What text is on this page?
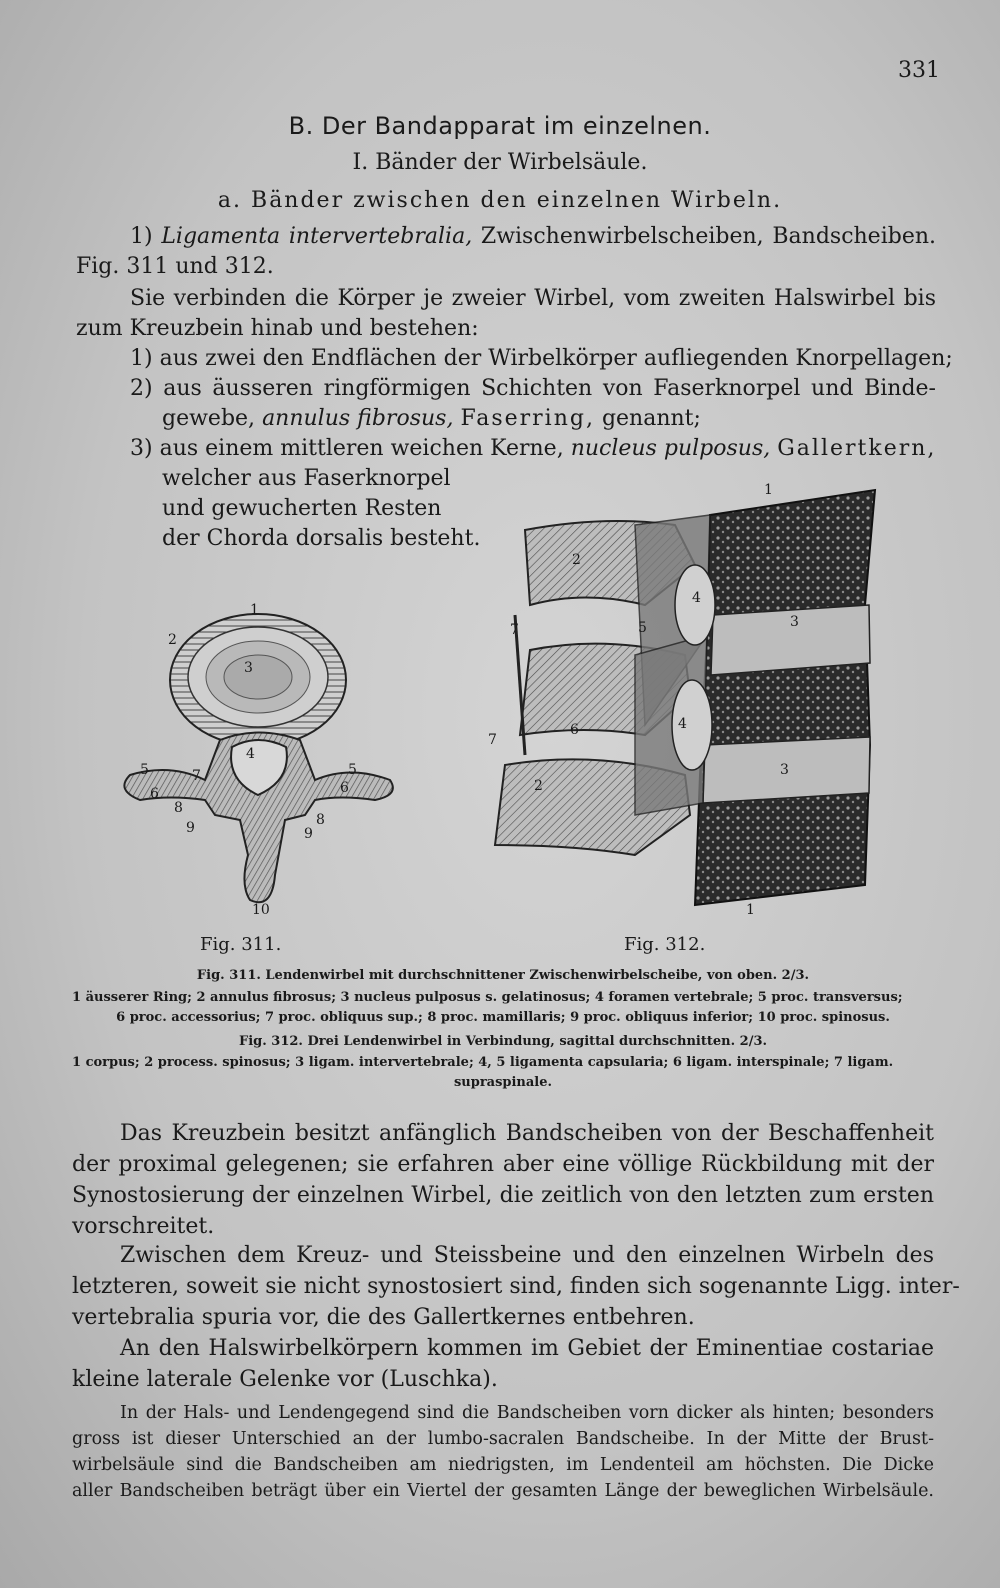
331
B. Der Bandapparat im einzelnen.
I. Bänder der Wirbelsäule.
a. Bänder zwischen den einzelnen Wirbeln.
1) Ligamenta intervertebralia, Zwischenwirbelscheiben, Bandscheiben.
Fig. 311 und 312.
Sie verbinden die Körper je zweier Wirbel, vom zweiten Halswirbel bis
zum Kreuzbein hinab und bestehen:
1) aus zwei den Endflächen der Wirbelkörper aufliegenden Knorpellagen;
2) aus äusseren ringförmigen Schichten von Faserknorpel und Binde-
gewebe, annulus fibrosus, Faserring, genannt;
3) aus einem mittleren weichen Kerne, nucleus pulposus, Gallertkern,
welcher aus Faserknorpel
und gewucherten Resten
der Chorda dorsalis besteht.
1
2
3
4
5	5
6	6
7
8
8
9	9
10
Fig. 311.
1
1
2
2
3
3
4
4
5
6
7
7
Fig. 312.
Fig. 311. Lendenwirbel mit durchschnittener Zwischenwirbelscheibe, von oben. 2/3.
1 äusserer Ring; 2 annulus fibrosus; 3 nucleus pulposus s. gelatinosus; 4 foramen vertebrale; 5 proc. transversus;
6 proc. accessorius; 7 proc. obliquus sup.; 8 proc. mamillaris; 9 proc. obliquus inferior; 10 proc. spinosus.
Fig. 312. Drei Lendenwirbel in Verbindung, sagittal durchschnitten. 2/3.
1 corpus; 2 process. spinosus; 3 ligam. intervertebrale; 4, 5 ligamenta capsularia; 6 ligam. interspinale; 7 ligam.
supraspinale.
Das Kreuzbein besitzt anfänglich Bandscheiben von der Beschaffenheit
der proximal gelegenen; sie erfahren aber eine völlige Rückbildung mit der
Synostosierung der einzelnen Wirbel, die zeitlich von den letzten zum ersten
vorschreitet.
Zwischen dem Kreuz- und Steissbeine und den einzelnen Wirbeln des
letzteren, soweit sie nicht synostosiert sind, finden sich sogenannte Ligg. inter-
vertebralia spuria vor, die des Gallertkernes entbehren.
An den Halswirbelkörpern kommen im Gebiet der Eminentiae costariae
kleine laterale Gelenke vor (Luschka).
In der Hals- und Lendengegend sind die Bandscheiben vorn dicker als hinten; besonders
gross ist dieser Unterschied an der lumbo-sacralen Bandscheibe. In der Mitte der Brust-
wirbelsäule sind die Bandscheiben am niedrigsten, im Lendenteil am höchsten. Die Dicke
aller Bandscheiben beträgt über ein Viertel der gesamten Länge der beweglichen Wirbelsäule.
